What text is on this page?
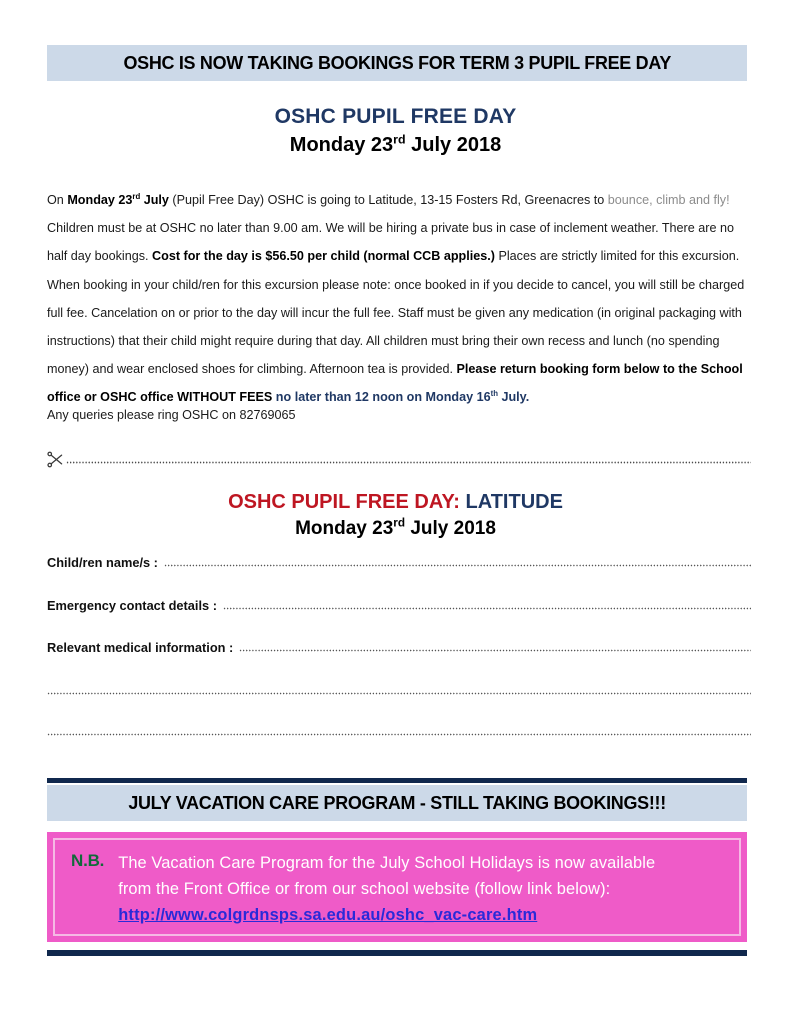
OSHC IS NOW TAKING BOOKINGS FOR TERM 3 PUPIL FREE DAY
OSHC PUPIL FREE DAY
Monday 23rd July 2018
On Monday 23rd July (Pupil Free Day) OSHC is going to Latitude, 13-15 Fosters Rd, Greenacres to bounce, climb and fly! Children must be at OSHC no later than 9.00 am. We will be hiring a private bus in case of inclement weather. There are no half day bookings. Cost for the day is $56.50 per child (normal CCB applies.) Places are strictly limited for this excursion. When booking in your child/ren for this excursion please note: once booked in if you decide to cancel, you will still be charged full fee. Cancelation on or prior to the day will incur the full fee. Staff must be given any medication (in original packaging with instructions) that their child might require during that day. All children must bring their own recess and lunch (no spending money) and wear enclosed shoes for climbing. Afternoon tea is provided. Please return booking form below to the School office or OSHC office WITHOUT FEES no later than 12 noon on Monday 16th July.
Any queries please ring OSHC on 82769065
OSHC PUPIL FREE DAY: LATITUDE
Monday 23rd July 2018
Child/ren name/s :
Emergency contact details :
Relevant medical information :
JULY VACATION CARE PROGRAM - STILL TAKING BOOKINGS!!!
N.B. The Vacation Care Program for the July School Holidays is now available
from the Front Office or from our school website (follow link below):
http://www.colgrdnsps.sa.edu.au/oshc_vac-care.htm
